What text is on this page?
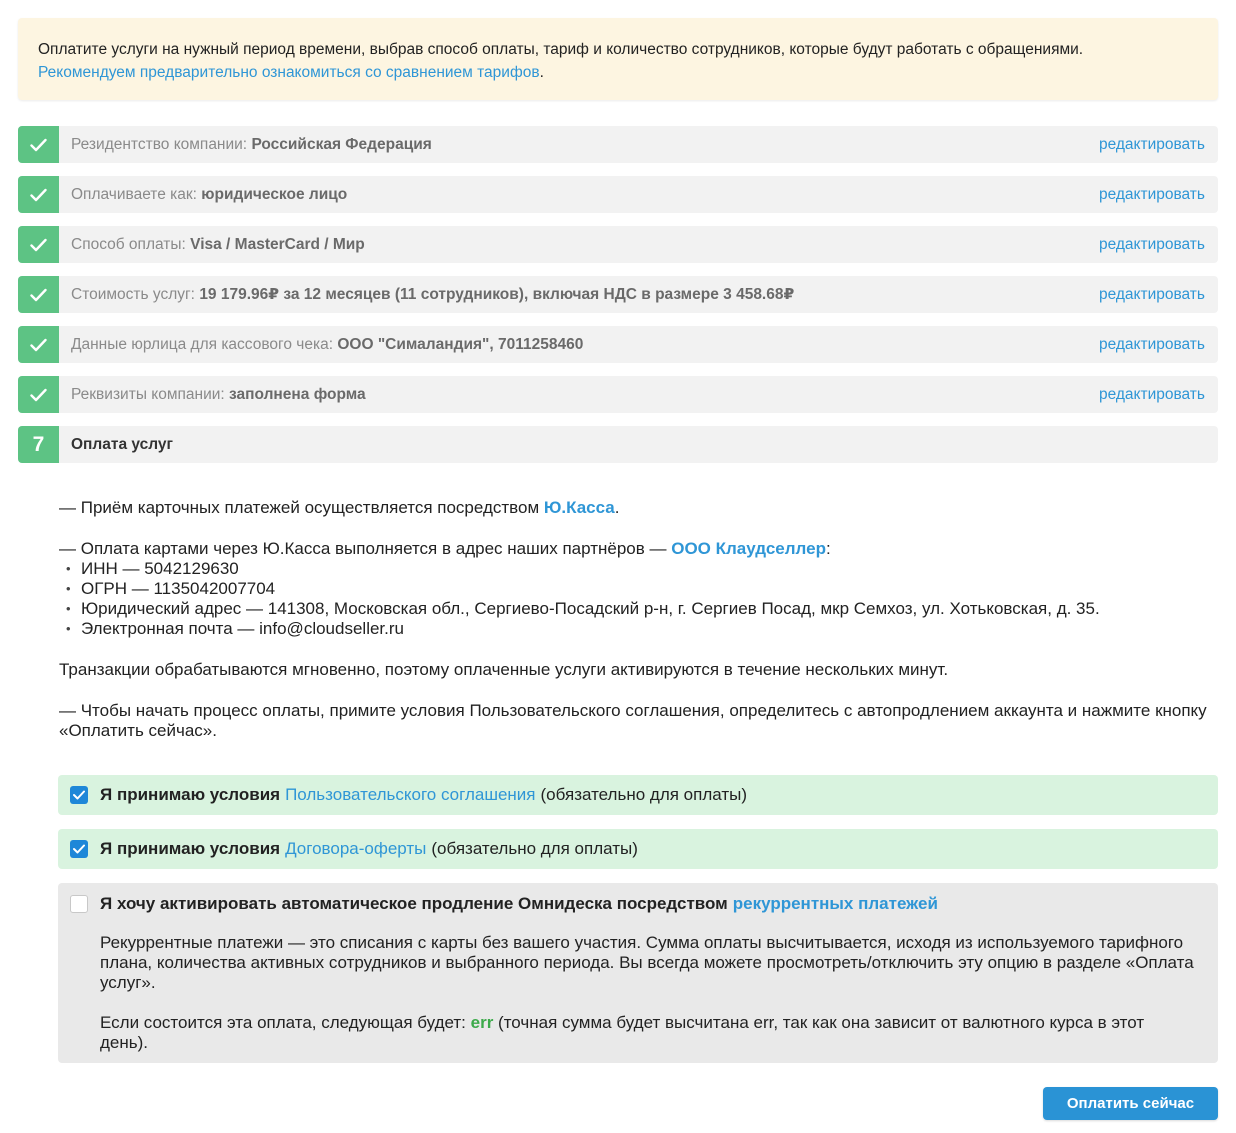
Оплатите услуги на нужный период времени, выбрав способ оплаты, тариф и количество сотрудников, которые будут работать с обращениями.
Рекомендуем предварительно ознакомиться со сравнением тарифов.
Резидентство компании: Российская Федерация	редактировать
Оплачиваете как: юридическое лицо	редактировать
Способ оплаты: Visa / MasterCard / Мир	редактировать
Стоимость услуг: 19 179.96₽ за 12 месяцев (11 сотрудников), включая НДС в размере 3 458.68₽	редактировать
Данные юрлица для кассового чека: ООО "Сималандия", 7011258460	редактировать
Реквизиты компании: заполнена форма	редактировать
7	Оплата услуг

— Приём карточных платежей осуществляется посредством Ю.Касса.

— Оплата картами через Ю.Касса выполняется в адрес наших партнёров — ООО Клаудселлер:

• ИНН — 5042129630
• ОГРН — 1135042007704
• Юридический адрес — 141308, Московская обл., Сергиево-Посадский р-н, г. Сергиев Посад, мкр Семхоз, ул. Хотьковская, д. 35.
• Электронная почта — info@cloudseller.ru

Транзакции обрабатываются мгновенно, поэтому оплаченные услуги активируются в течение нескольких минут.

— Чтобы начать процесс оплаты, примите условия Пользовательского соглашения, определитесь с автопродлением аккаунта и нажмите кнопку «Оплатить сейчас».

Я принимаю условия Пользовательского соглашения (обязательно для оплаты)
Я принимаю условия Договора-оферты (обязательно для оплаты)
Я хочу активировать автоматическое продление Омнидеска посредством рекуррентных платежей

Рекуррентные платежи — это списания с карты без вашего участия. Сумма оплаты высчитывается, исходя из используемого тарифного плана, количества активных сотрудников и выбранного периода. Вы всегда можете просмотреть/отключить эту опцию в разделе «Оплата услуг».

Если состоится эта оплата, следующая будет: err (точная сумма будет высчитана err, так как она зависит от валютного курса в этот день).

Оплатить сейчас
